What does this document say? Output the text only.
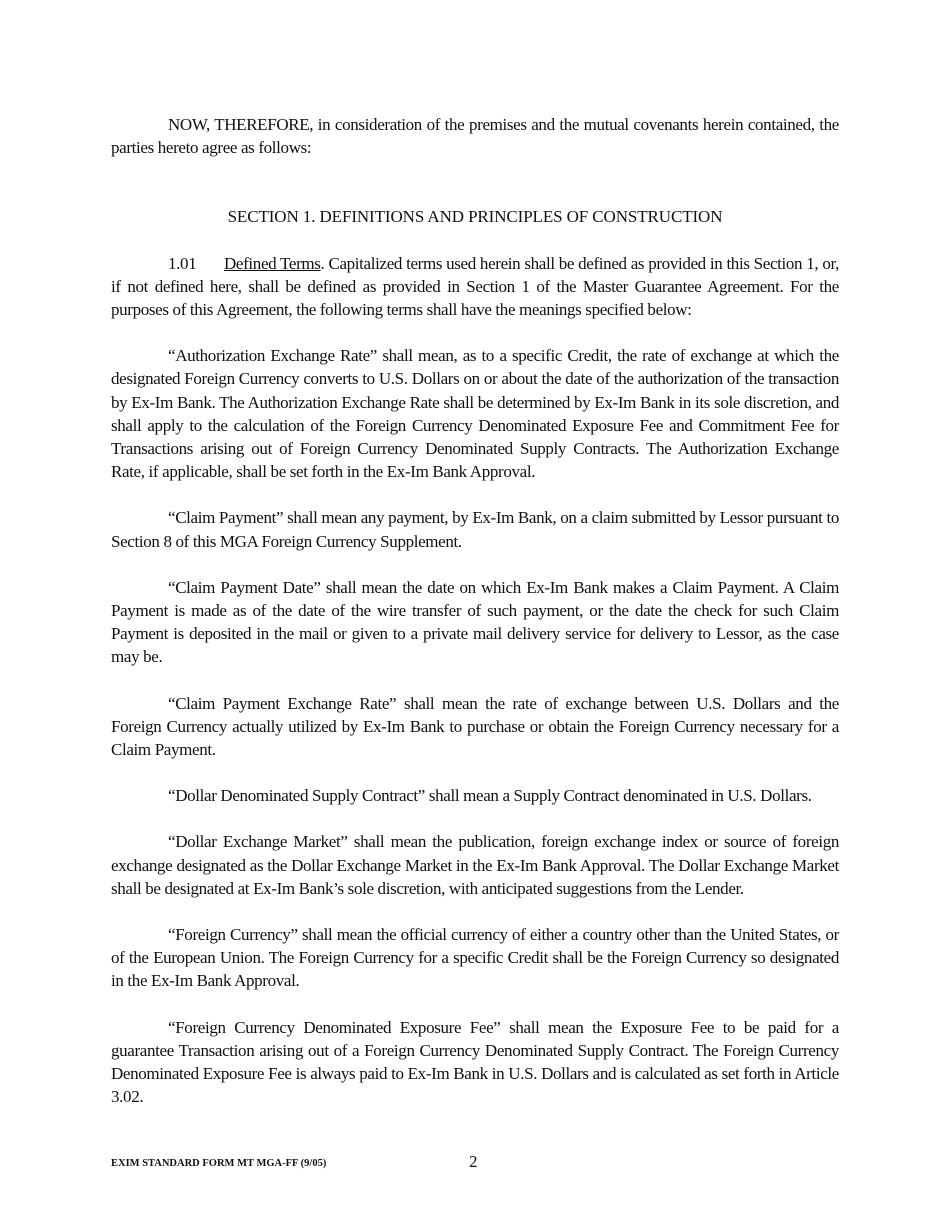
NOW, THEREFORE, in consideration of the premises and the mutual covenants herein contained, the parties hereto agree as follows:

SECTION 1. DEFINITIONS AND PRINCIPLES OF CONSTRUCTION

1.01 Defined Terms. Capitalized terms used herein shall be defined as provided in this Section 1, or, if not defined here, shall be defined as provided in Section 1 of the Master Guarantee Agreement. For the purposes of this Agreement, the following terms shall have the meanings specified below:

“Authorization Exchange Rate” shall mean, as to a specific Credit, the rate of exchange at which the designated Foreign Currency converts to U.S. Dollars on or about the date of the authorization of the transaction by Ex-Im Bank. The Authorization Exchange Rate shall be determined by Ex-Im Bank in its sole discretion, and shall apply to the calculation of the Foreign Currency Denominated Exposure Fee and Commitment Fee for Transactions arising out of Foreign Currency Denominated Supply Contracts. The Authorization Exchange Rate, if applicable, shall be set forth in the Ex-Im Bank Approval.

“Claim Payment” shall mean any payment, by Ex-Im Bank, on a claim submitted by Lessor pursuant to Section 8 of this MGA Foreign Currency Supplement.

“Claim Payment Date” shall mean the date on which Ex-Im Bank makes a Claim Payment. A Claim Payment is made as of the date of the wire transfer of such payment, or the date the check for such Claim Payment is deposited in the mail or given to a private mail delivery service for delivery to Lessor, as the case may be.

“Claim Payment Exchange Rate” shall mean the rate of exchange between U.S. Dollars and the Foreign Currency actually utilized by Ex-Im Bank to purchase or obtain the Foreign Currency necessary for a Claim Payment.

“Dollar Denominated Supply Contract” shall mean a Supply Contract denominated in U.S. Dollars.

“Dollar Exchange Market” shall mean the publication, foreign exchange index or source of foreign exchange designated as the Dollar Exchange Market in the Ex-Im Bank Approval. The Dollar Exchange Market shall be designated at Ex-Im Bank’s sole discretion, with anticipated suggestions from the Lender.

“Foreign Currency” shall mean the official currency of either a country other than the United States, or of the European Union. The Foreign Currency for a specific Credit shall be the Foreign Currency so designated in the Ex-Im Bank Approval.

“Foreign Currency Denominated Exposure Fee” shall mean the Exposure Fee to be paid for a guarantee Transaction arising out of a Foreign Currency Denominated Supply Contract. The Foreign Currency Denominated Exposure Fee is always paid to Ex-Im Bank in U.S. Dollars and is calculated as set forth in Article 3.02.

EXIM STANDARD FORM MT MGA-FF (9/05)	2
